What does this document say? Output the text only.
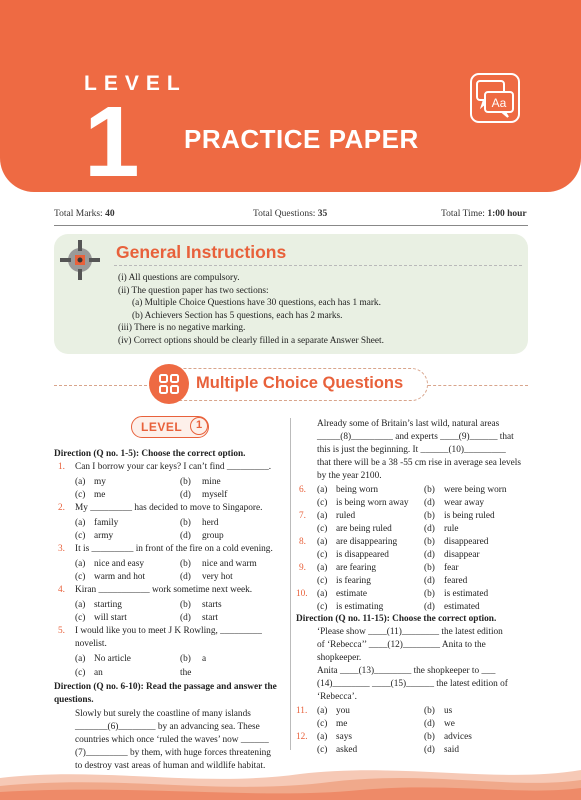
LEVEL
1 PRACTICE PAPER
Aa
Total Marks: 40	Total Questions: 35	Total Time: 1:00 hour
General Instructions
(i) All questions are compulsory.
(ii) The question paper has two sections:
(a) Multiple Choice Questions have 30 questions, each has 1 mark.
(b) Achievers Section has 5 questions, each has 2 marks.
(iii) There is no negative marking.
(iv) Correct options should be clearly filled in a separate Answer Sheet.
Multiple Choice Questions
LEVEL	1
Direction (Q no. 1-5): Choose the correct option.
1. Can I borrow your car keys? I can’t find _________.
(a) my	(b) mine
(c) me	(d) myself
2. My _________ has decided to move to Singapore.
(a) family	(b) herd
(c) army	(d) group
3. It is _________ in front of the fire on a cold evening.
(a) nice and easy	(b) nice and warm
(c) warm and hot	(d) very hot
4. Kiran ___________ work sometime next week.
(a) starting	(b) starts
(c) will start	(d) start
5. I would like you to meet J K Rowling, _________
novelist.
(a) No article	(b) a
(c) an	the
Direction (Q no. 6-10): Read the passage and answer the
questions.
Slowly but surely the coastline of many islands
_______(6)________ by an advancing sea. These
countries which once ‘ruled the waves’ now ______
(7)_________ by them, with huge forces threatening
to destroy vast areas of human and wildlife habitat.
Already some of Britain’s last wild, natural areas
_____(8)_________ and experts ____(9)______ that
this is just the beginning. It ______(10)_________
that there will be a 38 -55 cm rise in average sea levels
by the year 2100.
6. (a) being worn	(b) were being worn
(c) is being worn away (d) wear away
7. (a) ruled	(b) is being ruled
(c) are being ruled	(d) rule
8. (a) are disappearing	(b) disappeared
(c) is disappeared	(d) disappear
9. (a) are fearing	(b) fear
(c) is fearing	(d) feared
10. (a) estimate	(b) is estimated
(c) is estimating	(d) estimated
Direction (Q no. 11-15): Choose the correct option.
‘Please show ____(11)________ the latest edition
of ‘Rebecca’’ ____(12)________ Anita to the
shopkeeper.
Anita ____(13)________ the shopkeeper to ___
(14)________ ____(15)______ the latest edition of
‘Rebecca’.
11. (a) you	(b) us
(c) me	(d) we
12. (a) says	(b) advices
(c) asked	(d) said
